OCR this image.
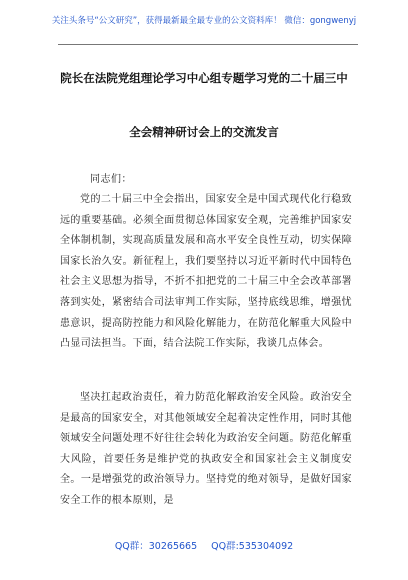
关注头条号“公文研究”，获得最新最全最专业的公文资料库！ 微信：gongwenyj
院长在法院党组理论学习中心组专题学习党的二十届三中
全会精神研讨会上的交流发言
同志们：

党的二十届三中全会指出，国家安全是中国式现代化行稳致远的重要基础。必须全面贯彻总体国家安全观，完善维护国家安全体制机制，实现高质量发展和高水平安全良性互动，切实保障国家长治久安。新征程上，我们要坚持以习近平新时代中国特色社会主义思想为指导，不折不扣把党的二十届三中全会改革部署落到实处，紧密结合司法审判工作实际，坚持底线思维，增强忧患意识，提高防控能力和风险化解能力，在防范化解重大风险中凸显司法担当。下面，结合法院工作实际，我谈几点体会。

坚决扛起政治责任，着力防范化解政治安全风险。政治安全是最高的国家安全，对其他领域安全起着决定性作用，同时其他领域安全问题处理不好往往会转化为政治安全问题。防范化解重大风险，首要任务是维护党的执政安全和国家社会主义制度安全。一是增强党的政治领导力。坚持党的绝对领导，是做好国家安全工作的根本原则，是

QQ群：30265665 QQ群:535304092
